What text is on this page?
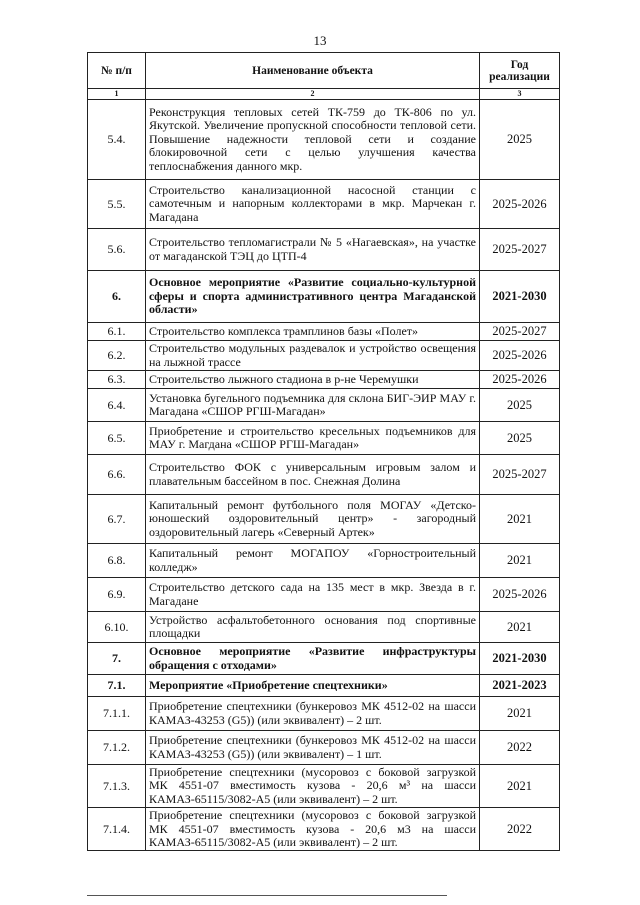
13
№ п/п	Наименование объекта	Год реализации
1	2	3
5.4.	Реконструкция тепловых сетей ТК-759 до ТК-806 по ул. Якутской. Увеличение пропускной способности тепловой сети. Повышение надежности тепловой сети и создание блокировочной сети с целью улучшения качества теплоснабжения данного мкр.	2025
5.5.	Строительство канализационной насосной станции с самотечным и напорным коллекторами в мкр. Марчекан г. Магадана	2025-2026
5.6.	Строительство тепломагистрали № 5 «Нагаевская», на участке от магаданской ТЭЦ до ЦТП-4	2025-2027
6.	Основное мероприятие «Развитие социально-культурной сферы и спорта административного центра Магаданской области»	2021-2030
6.1.	Строительство комплекса трамплинов базы «Полет»	2025-2027
6.2.	Строительство модульных раздевалок и устройство освещения на лыжной трассе	2025-2026
6.3.	Строительство лыжного стадиона в р-не Черемушки	2025-2026
6.4.	Установка бугельного подъемника для склона БИГ-ЭИР МАУ г. Магадана «СШОР РГШ-Магадан»	2025
6.5.	Приобретение и строительство кресельных подъемников для МАУ г. Магдана «СШОР РГШ-Магадан»	2025
6.6.	Строительство ФОК с универсальным игровым залом и плавательным бассейном в пос. Снежная Долина	2025-2027
6.7.	Капитальный ремонт футбольного поля МОГАУ «Детско-юношеский оздоровительный центр» - загородный оздоровительный лагерь «Северный Артек»	2021
6.8.	Капитальный ремонт МОГАПОУ «Горностроительный колледж»	2021
6.9.	Строительство детского сада на 135 мест в мкр. Звезда в г. Магадане	2025-2026
6.10.	Устройство асфальтобетонного основания под спортивные площадки	2021
7.	Основное мероприятие «Развитие инфраструктуры обращения с отходами»	2021-2030
7.1.	Мероприятие «Приобретение спецтехники»	2021-2023
7.1.1.	Приобретение спецтехники (бункеровоз МК 4512-02 на шасси КАМАЗ-43253 (G5)) (или эквивалент) – 2 шт.	2021
7.1.2.	Приобретение спецтехники (бункеровоз МК 4512-02 на шасси КАМАЗ-43253 (G5)) (или эквивалент) – 1 шт.	2022
7.1.3.	Приобретение спецтехники (мусоровоз с боковой загрузкой МК 4551-07 вместимость кузова - 20,6 м³ на шасси КАМАЗ-65115/3082-А5 (или эквивалент) – 2 шт.	2021
7.1.4.	Приобретение спецтехники (мусоровоз с боковой загрузкой МК 4551-07 вместимость кузова - 20,6 м3 на шасси КАМАЗ-65115/3082-А5 (или эквивалент) – 2 шт.	2022
